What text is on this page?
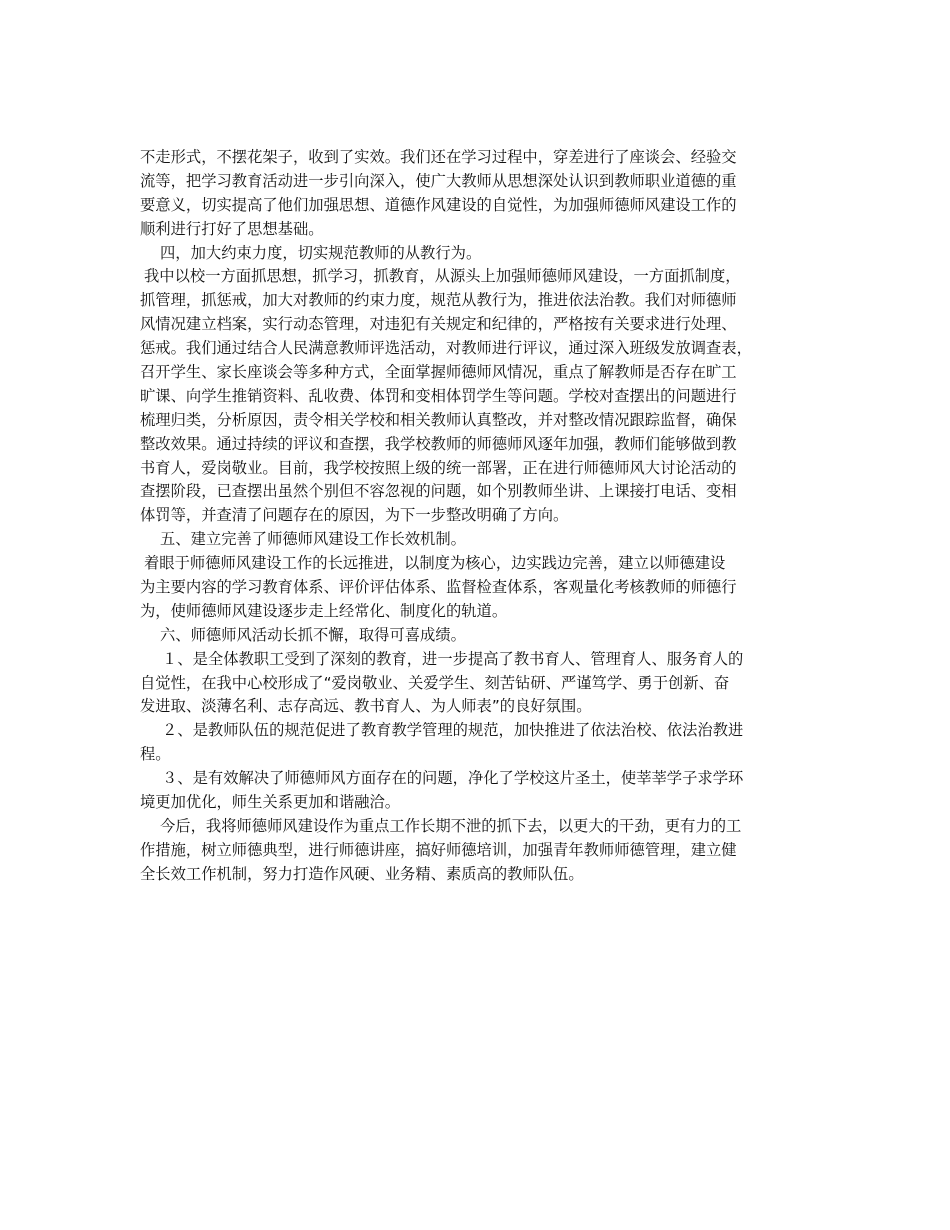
不走形式，不摆花架子，收到了实效。我们还在学习过程中，穿差进行了座谈会、经验交
流等，把学习教育活动进一步引向深入，使广大教师从思想深处认识到教师职业道德的重
要意义，切实提高了他们加强思想、道德作风建设的自觉性，为加强师德师风建设工作的
顺利进行打好了思想基础。
四，加大约束力度，切实规范教师的从教行为。
我中以校一方面抓思想，抓学习，抓教育，从源头上加强师德师风建设，一方面抓制度，
抓管理，抓惩戒，加大对教师的约束力度，规范从教行为，推进依法治教。我们对师德师
风情况建立档案，实行动态管理，对违犯有关规定和纪律的，严格按有关要求进行处理、
惩戒。我们通过结合人民满意教师评选活动，对教师进行评议，通过深入班级发放调查表，
召开学生、家长座谈会等多种方式，全面掌握师德师风情况，重点了解教师是否存在旷工
旷课、向学生推销资料、乱收费、体罚和变相体罚学生等问题。学校对查摆出的问题进行
梳理归类，分析原因，责令相关学校和相关教师认真整改，并对整改情况跟踪监督，确保
整改效果。通过持续的评议和查摆，我学校教师的师德师风逐年加强，教师们能够做到教
书育人，爱岗敬业。目前，我学校按照上级的统一部署，正在进行师德师风大讨论活动的
查摆阶段，已查摆出虽然个别但不容忽视的问题，如个别教师坐讲、上课接打电话、变相
体罚等，并查清了问题存在的原因，为下一步整改明确了方向。
五、建立完善了师德师风建设工作长效机制。
着眼于师德师风建设工作的长远推进，以制度为核心，边实践边完善，建立以师德建设
为主要内容的学习教育体系、评价评估体系、监督检查体系，客观量化考核教师的师德行
为，使师德师风建设逐步走上经常化、制度化的轨道。
六、师德师风活动长抓不懈，取得可喜成绩。
１、是全体教职工受到了深刻的教育，进一步提高了教书育人、管理育人、服务育人的
自觉性，在我中心校形成了“爱岗敬业、关爱学生、刻苦钻研、严谨笃学、勇于创新、奋
发进取、淡薄名利、志存高远、教书育人、为人师表”的良好氛围。
２、是教师队伍的规范促进了教育教学管理的规范，加快推进了依法治校、依法治教进
程。
３、是有效解决了师德师风方面存在的问题，净化了学校这片圣土，使莘莘学子求学环
境更加优化，师生关系更加和谐融洽。
今后，我将师德师风建设作为重点工作长期不泄的抓下去，以更大的干劲，更有力的工
作措施，树立师德典型，进行师德讲座，搞好师德培训，加强青年教师师德管理，建立健
全长效工作机制，努力打造作风硬、业务精、素质高的教师队伍。
